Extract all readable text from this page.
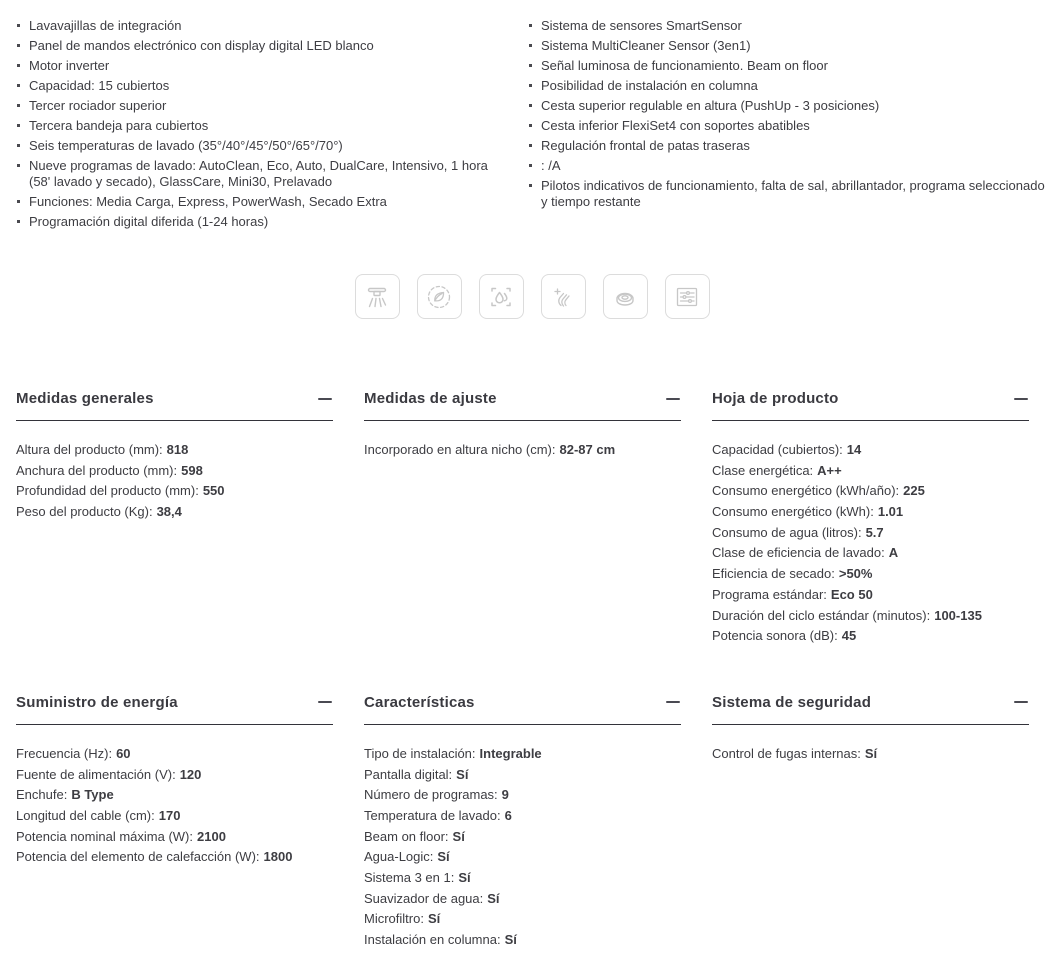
Lavavajillas de integración
Panel de mandos electrónico con display digital LED blanco
Motor inverter
Capacidad: 15 cubiertos
Tercer rociador superior
Tercera bandeja para cubiertos
Seis temperaturas de lavado (35°/40°/45°/50°/65°/70°)
Nueve programas de lavado: AutoClean, Eco, Auto, DualCare, Intensivo, 1 hora (58' lavado y secado), GlassCare, Mini30, Prelavado
Funciones: Media Carga, Express, PowerWash, Secado Extra
Programación digital diferida (1-24 horas)
Sistema de sensores SmartSensor
Sistema MultiCleaner Sensor (3en1)
Señal luminosa de funcionamiento. Beam on floor
Posibilidad de instalación en columna
Cesta superior regulable en altura (PushUp - 3 posiciones)
Cesta inferior FlexiSet4 con soportes abatibles
Regulación frontal de patas traseras
: /A
Pilotos indicativos de funcionamiento, falta de sal, abrillantador, programa seleccionado y tiempo restante
Medidas generales
Altura del producto (mm): 818
Anchura del producto (mm): 598
Profundidad del producto (mm): 550
Peso del producto (Kg): 38,4
Medidas de ajuste
Incorporado en altura nicho (cm): 82-87 cm
Hoja de producto
Capacidad (cubiertos): 14
Clase energética: A++
Consumo energético (kWh/año): 225
Consumo energético (kWh): 1.01
Consumo de agua (litros): 5.7
Clase de eficiencia de lavado: A
Eficiencia de secado: >50%
Programa estándar: Eco 50
Duración del ciclo estándar (minutos): 100-135
Potencia sonora (dB): 45
Suministro de energía
Frecuencia (Hz): 60
Fuente de alimentación (V): 120
Enchufe: B Type
Longitud del cable (cm): 170
Potencia nominal máxima (W): 2100
Potencia del elemento de calefacción (W): 1800
Características
Tipo de instalación: Integrable
Pantalla digital: Sí
Número de programas: 9
Temperatura de lavado: 6
Beam on floor: Sí
Agua-Logic: Sí
Sistema 3 en 1: Sí
Suavizador de agua: Sí
Microfiltro: Sí
Instalación en columna: Sí
Sistema de seguridad
Control de fugas internas: Sí
